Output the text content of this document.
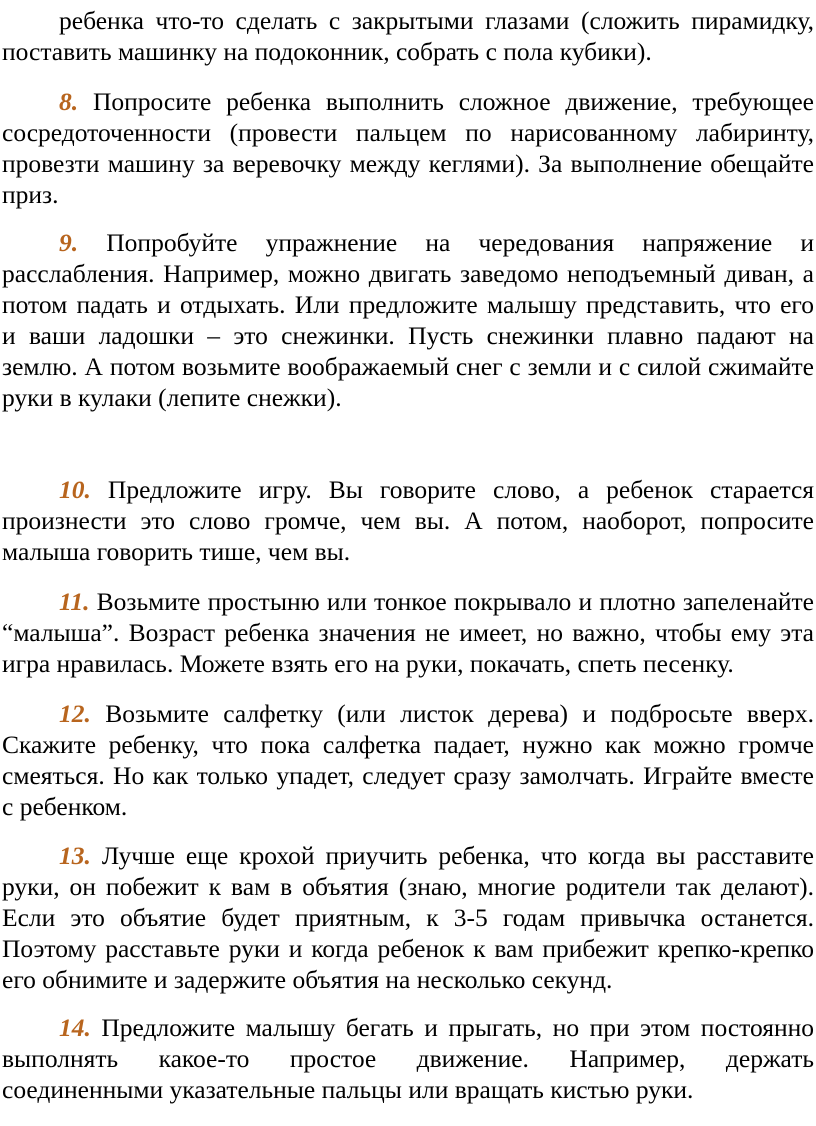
ребенка что-то сделать с закрытыми глазами (сложить пирамидку,
поставить машинку на подоконник, собрать с пола кубики).
8. Попросите ребенка выполнить сложное движение, требующее
сосредоточенности (провести пальцем по нарисованному лабиринту,
провезти машину за веревочку между кеглями). За выполнение обещайте
приз.
9. Попробуйте упражнение на чередования напряжение и
расслабления. Например, можно двигать заведомо неподъемный диван, а
потом падать и отдыхать. Или предложите малышу представить, что его
и ваши ладошки – это снежинки. Пусть снежинки плавно падают на
землю. А потом возьмите воображаемый снег с земли и с силой сжимайте
руки в кулаки (лепите снежки).
10. Предложите игру. Вы говорите слово, а ребенок старается
произнести это слово громче, чем вы. А потом, наоборот, попросите
малыша говорить тише, чем вы.
11. Возьмите простыню или тонкое покрывало и плотно запеленайте
“малыша”. Возраст ребенка значения не имеет, но важно, чтобы ему эта
игра нравилась. Можете взять его на руки, покачать, спеть песенку.
12. Возьмите салфетку (или листок дерева) и подбросьте вверх.
Скажите ребенку, что пока салфетка падает, нужно как можно громче
смеяться. Но как только упадет, следует сразу замолчать. Играйте вместе
с ребенком.
13. Лучше еще крохой приучить ребенка, что когда вы расставите
руки, он побежит к вам в объятия (знаю, многие родители так делают).
Если это объятие будет приятным, к 3-5 годам привычка останется.
Поэтому расставьте руки и когда ребенок к вам прибежит крепко-крепко
его обнимите и задержите объятия на несколько секунд.
14. Предложите малышу бегать и прыгать, но при этом постоянно
выполнять какое-то простое движение. Например, держать
соединенными указательные пальцы или вращать кистью руки.
